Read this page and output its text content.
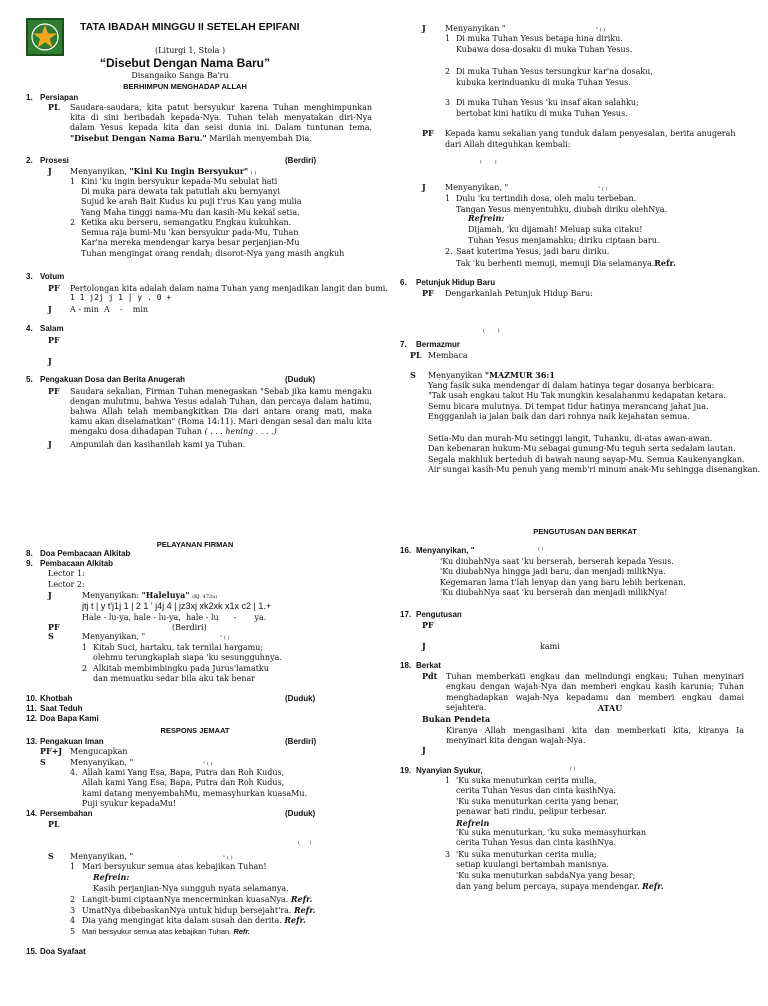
TATA IBADAH MINGGU II SETELAH EPIFANI
(Liturgi 1, Stola )
“Disebut Dengan Nama Baru”
Disangaiko Sanga Ba'ru
BERHIMPUN MENGHADAP ALLAH
1. Persiapan
PL Saudara-saudara, kita patut bersyukur karena Tuhan menghimpunkan kita di sini beribadah kepada-Nya. Tuhan telah menyatakan diri-Nya dalam Yesus kepada kita dan seisi dunia ini. Dalam tuntunan tema, "Disebut Dengan Nama Baru." Marilah menyembah Dia.
2. Prosesi	(Berdiri)
J Menyanyikan, "Kini Ku Ingin Bersyukur" ( )
1 Kini 'ku ingin bersyukur kepada-Mu sebulat hati
Di muka para dewata tak patutlah aku bernyanyi
Sujud ke arah Bait Kudus ku puji t'rus Kau yang mulia
Yang Maha tinggi nama-Mu dan kasih-Mu kekal setia.
2 Ketika aku berseru, semangatku Engkau kukuhkan.
Semua raja bumi-Mu 'kan bersyukur pada-Mu, Tuhan
Kar'na mereka mendengar karya besar perjanjian-Mu
Tuhan mengingat orang rendah; disorot-Nya yang masih angkuh
3. Votum
PF Pertolongan kita adalah dalam nama Tuhan yang menjadikan langit dan bumi.
1 1 j2j j 1 | y . 0 +
J A - min  A    -    min
4. Salam
PF
J
5. Pengakuan Dosa dan Berita Anugerah	(Duduk)
PF Saudara sekalian, Firman Tuhan menegaskan "Sebab jika kamu mengaku dengan mulutmu, bahwa Yesus adalah Tuhan, dan percaya dalam hatimu, bahwa Allah telah membangkitkan Dia dari antara orang mati, maka kamu akan diselamatkan" (Roma 14:11). Mari dengan sesal dan malu kita mengaku dosa dihadapan Tuhan ( . . . hening . . . .)
J Ampunilah dan kasihanilah kami ya Tuhan.
PELAYANAN FIRMAN
8. Doa Pembacaan Alkitab
9. Pembacaan Alkitab
Lector 1:
Lector 2:
J	Menyanyikan: "Haleluya" (KJ. 473a)
jtj t | y t'j1j 1 | 2 1 ' j4j 4 | jz3xj xk2xk x1x c2 | 1.+
Hale - lu-ya, hale - lu-ya,  hale - lu      -       ya.
PF	(Berdiri)
S	Menyanyikan, "	" ( )
1 Kitab Suci, hartaku, tak ternilai hargamu;
olehmu terungkaplah siapa 'ku sesungguhnya.
2 Alkitab membimbingku pada Jurus'lamatku
dan memuatku sedar bila aku tak benar
10. Khotbah	(Duduk)
11. Saat Teduh
12. Doa Bapa Kami
RESPONS JEMAAT
13. Pengakuan Iman	(Berdiri)
PF+J Mengucapkan
S	Menyanyikan, "	" ( )
4. Allah kami Yang Esa, Bapa, Putra dan Roh Kudus,
Allah kami Yang Esa, Bapa, Putra dan Roh Kudus,
kami datang menyembahMu, memasyhurkan kuasaMu.
Puji syukur kepadaMu!
14. Persembahan	(Duduk)
PL
(      )
S Menyanyikan, "	" ( )
1 Mari bersyukur semua atas kebajikan Tuhan!
Refrein:
Kasih perjanjian-Nya sungguh nyata selamanya.
2 Langit-bumi ciptaanNya mencerminkan kuasaNya. Refr.
3 UmatNya dibebaskanNya untuk hidup bersejaht'ra. Refr.
4 Dia yang mengingat kita dalam susah dan derita. Refr.
5 Mari bersyukur semua atas kebajikan Tuhan. Refr.
15. Doa Syafaat
J Menyanyikan "	" ( )
1 Di muka Tuhan Yesus betapa hina diriku.
Kubawa dosa-dosaku di muka Tuhan Yesus.
2 Di muka Tuhan Yesus tersungkur kar'na dosaku,
kubuka kerinduanku di muka Tuhan Yesus.
3 Di muka Tuhan Yesus 'ku insaf akan salahku;
bertobat kini hatiku di muka Tuhan Yesus.
PF Kepada kamu sekalian yang tunduk dalam penyesalan, berita anugerah dari Allah diteguhkan kembali:
(        )
J Menyanyikan, "	" ( )
1 Dulu 'ku tertindih dosa, oleh malu terbeban.
Tangan Yesus menyentuhku, diubah diriku olehNya.
Refrein:
Dijamah, 'ku dijamah! Meluap suka citaku!
Tuhan Yesus menjamahku; diriku ciptaan baru.
2. Saat kuterima Yesus, jadi baru diriku.
Tak 'ku berhenti memuji, memuji Dia selamanya.Refr.
6. Petunjuk Hidup Baru
PF Dengarkanlah Petunjuk Hidup Baru:
(        )
7. Bermazmur
PL Membaca
S Menyanyikan "MAZMUR 36:1
Yang fasik suka mendengar di dalam hatinya tegar dosanya berbicara:
"Tak usah engkau takut Hu Tak mungkin kesalahanmu kedapatan ketara.
Semu bicara mulutnya. Di tempat tidur hatinya merancang jahat jua.
Enggganlah ia jalan baik dan dari rohnya naik kejahatan semua.
Setia-Mu dan murah-Mu setinggi langit, Tuhanku, di-atas awan-awan.
Dan kebenaran hukum-Mu sebagai gunung-Mu teguh serta sedalam lautan.
Segala makhluk berteduh di bawah naung sayap-Mu. Semua Kaukenyangkan.
Air sungai kasih-Mu penuh yang memb'ri minum anak-Mu sehingga disenangkan.
PENGUTUSAN DAN BERKAT
16. Menyanyikan, "	( )
'Ku diubahNya saat 'ku berserah, berserah kepada Yesus.
'Ku diubahNya hingga jadi baru, dan menjadi milikNya.
Kegemaran lama t'lah lenyap dan yang baru lebih berkenan.
'Ku diubahNya saat 'ku berserah dan menjadi milikNya!
17. Pengutusan
PF
J	kami
18. Berkat
Pdt Tuhan memberkati engkau dan melindungi engkau; Tuhan menyinari engkau dengan wajah-Nya dan memberi engkau kasih karunia; Tuhan menghadapkan wajah-Nya kepadamu dan memberi engkau damai sejahtera.	ATAU
Bukan Pendeta
Kiranya Allah mengasihani kita dan memberkati kita, kiranya Ia menyinari kita dengan wajah-Nya.
J
19. Nyanyian Syukur,	( )
1 'Ku suka menuturkan cerita mulia,
cerita Tuhan Yesus dan cinta kasihNya.
'Ku suka menuturkan cerita yang benar,
penawar hati rindu, pelipur terbesar.
Refrein
'Ku suka menuturkan, 'ku suka memasyhurkan
cerita Tuhan Yesus dan cinta kasihNya.
3 'Ku suka menuturkan cerita mulia;
setiap kuulangi bertambah manisnya.
'Ku suka menuturkan sabdaNya yang besar;
dan yang belum percaya, supaya mendengar. Refr.
